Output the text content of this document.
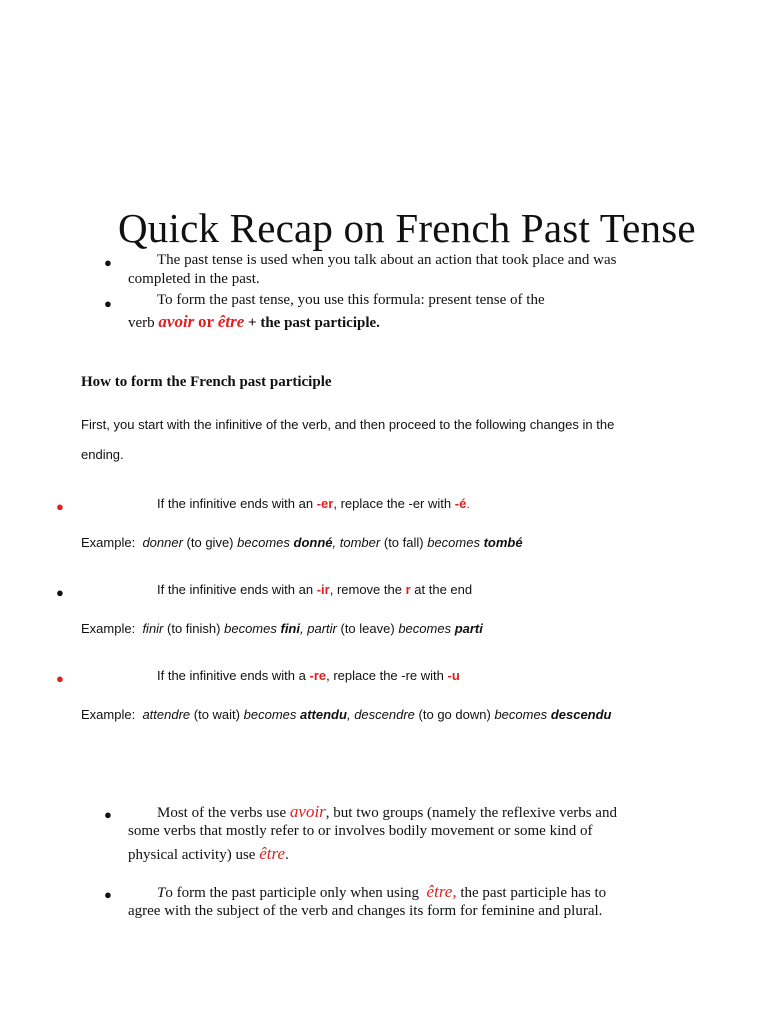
Quick Recap on French Past Tense
●	The past tense is used when you talk about an action that took place and was
completed in the past.
●	To form the past tense, you use this formula: present tense of the
verb avoir or être + the past participle.
How to form the French past participle
First, you start with the infinitive of the verb, and then proceed to the following changes in the
ending.
●	If the infinitive ends with an -er, replace the -er with -é.
Example: donner (to give) becomes donné, tomber (to fall) becomes tombé
●	If the infinitive ends with an -ir, remove the r at the end
Example: finir (to finish) becomes fini, partir (to leave) becomes parti
●	If the infinitive ends with a -re, replace the -re with -u
Example: attendre (to wait) becomes attendu, descendre (to go down) becomes descendu
●	Most of the verbs use avoir, but two groups (namely the reflexive verbs and
some verbs that mostly refer to or involves bodily movement or some kind of
physical activity) use être.
●	To form the past participle only when using être, the past participle has to
agree with the subject of the verb and changes its form for feminine and plural.
